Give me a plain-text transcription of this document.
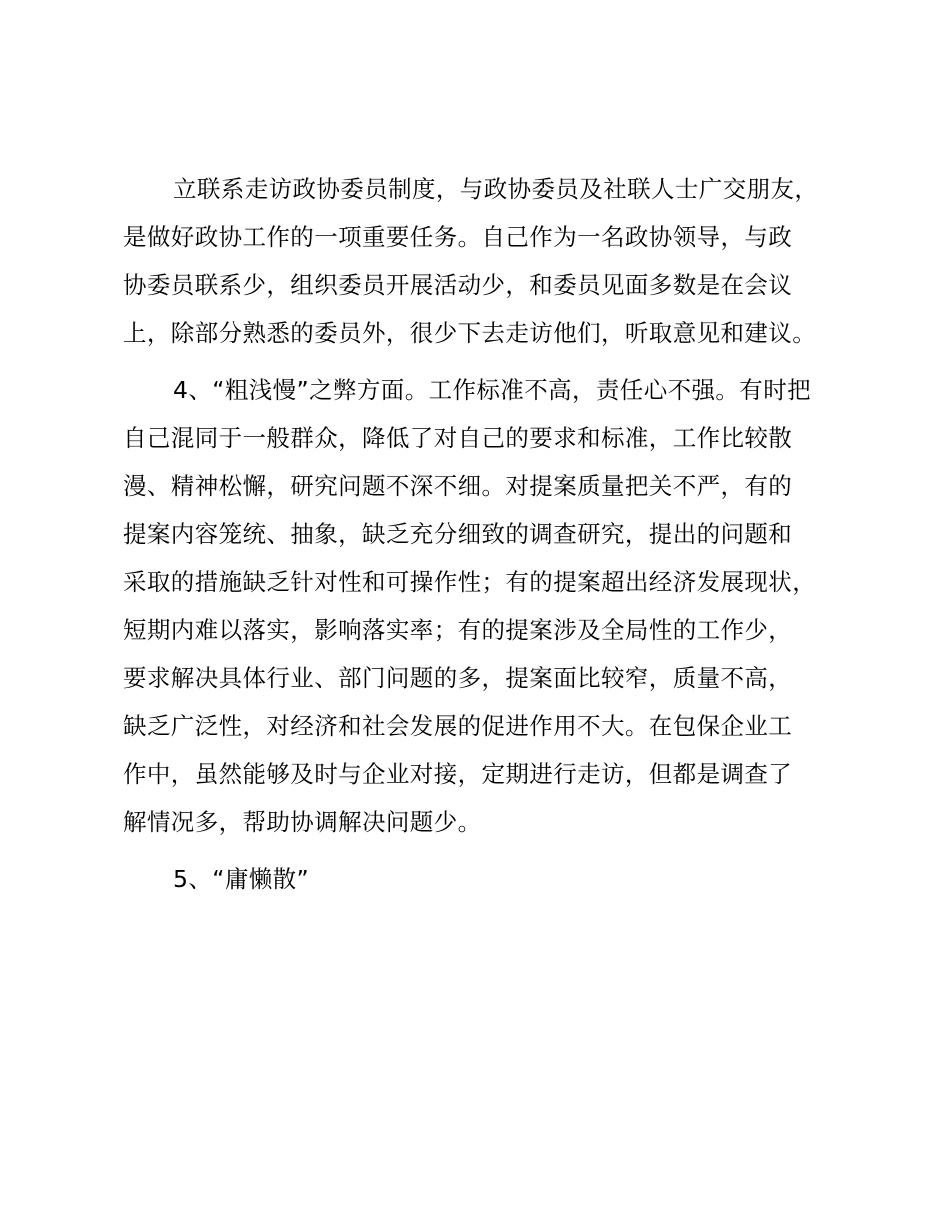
立联系走访政协委员制度，与政协委员及社联人士广交朋友，
是做好政协工作的一项重要任务。自己作为一名政协领导，与政
协委员联系少，组织委员开展活动少，和委员见面多数是在会议
上，除部分熟悉的委员外，很少下去走访他们，听取意见和建议。
4、“粗浅慢”之弊方面。工作标准不高，责任心不强。有时把
自己混同于一般群众，降低了对自己的要求和标准，工作比较散
漫、精神松懈，研究问题不深不细。对提案质量把关不严，有的
提案内容笼统、抽象，缺乏充分细致的调查研究，提出的问题和
采取的措施缺乏针对性和可操作性；有的提案超出经济发展现状，
短期内难以落实，影响落实率；有的提案涉及全局性的工作少，
要求解决具体行业、部门问题的多，提案面比较窄，质量不高，
缺乏广泛性，对经济和社会发展的促进作用不大。在包保企业工
作中，虽然能够及时与企业对接，定期进行走访，但都是调查了
解情况多，帮助协调解决问题少。
5、“庸懒散”
